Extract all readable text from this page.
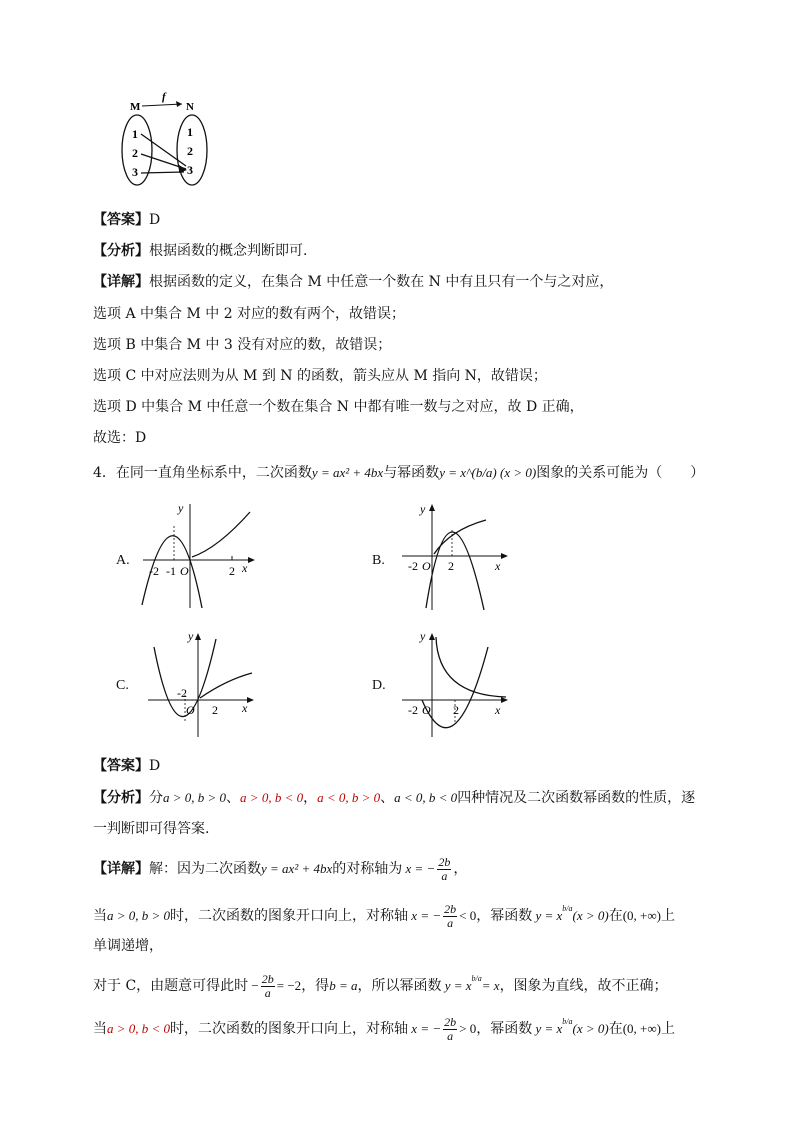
M	N
f
1
2
3
1
2
3
【答案】D
【分析】根据函数的概念判断即可.
【详解】根据函数的定义，在集合 M 中任意一个数在 N 中有且只有一个与之对应，
选项 A 中集合 M 中 2 对应的数有两个，故错误；
选项 B 中集合 M 中 3 没有对应的数，故错误；
选项 C 中对应法则为从 M 到 N 的函数，箭头应从 M 指向 N，故错误；
选项 D 中集合 M 中任意一个数在集合 N 中都有唯一数与之对应，故 D 正确，
故选：D
4．在同一直角坐标系中，二次函数y = ax² + 4bx与幂函数y = x^(b/a) (x > 0)图象的关系可能为（　　）
A.	B.
C.	D.
-2 -1 O	2 x
y
-2 O 2	x
y
-2
O 2 x
y
-2 O 2	x
y
【答案】D
【分析】分a > 0, b > 0、a > 0, b < 0，a < 0, b > 0、a < 0, b < 0四种情况及二次函数幂函数的性质，逐
一判断即可得答案.
【详解】解：因为二次函数y = ax² + 4bx的对称轴为 x = − $\frac{2b}{a}$ ，
当a > 0, b > 0时，二次函数的图象开口向上，对称轴 x = − $\frac{2b}{a} < 0$，幂函数 $y = x^{b/a}(x > 0)$在(0, +∞)上
单调递增，
对于 C，由题意可得此时 − $\frac{2b}{a} = -2$，得b = a，所以幂函数 $y = x^{b/a}= x$，图象为直线，故不正确；
当a > 0, b < 0时，二次函数的图象开口向上，对称轴 x = − $\frac{2b}{a} > 0$，幂函数 $y = x^{b/a}(x > 0)$在(0, +∞)上
